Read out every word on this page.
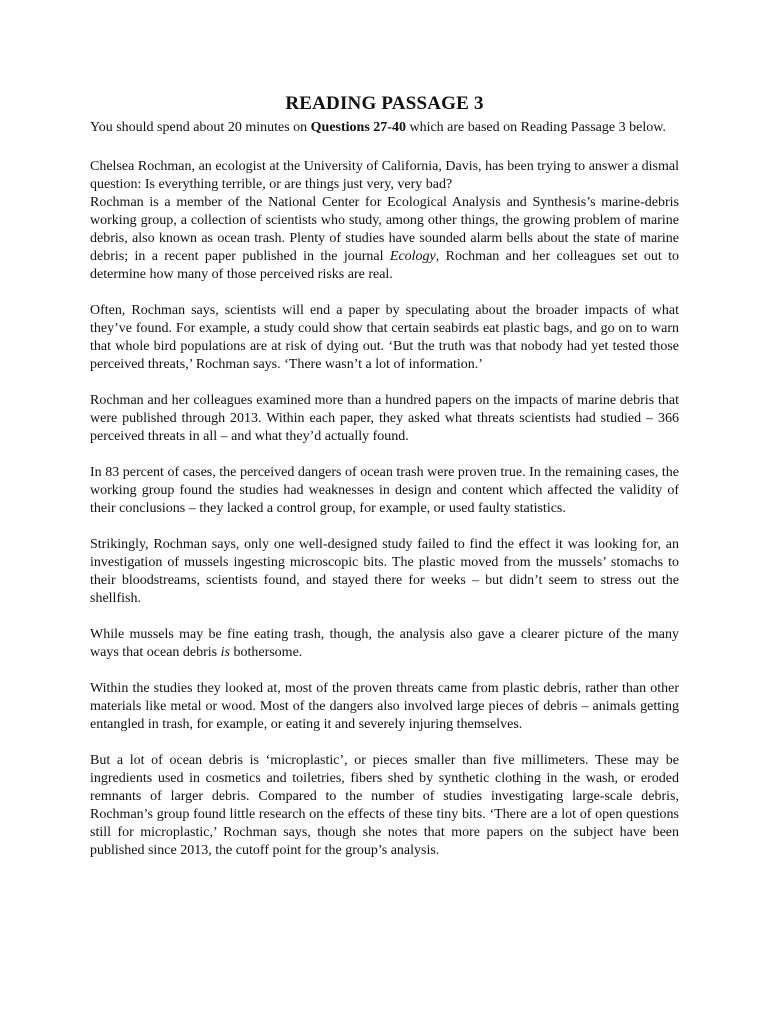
READING PASSAGE 3
You should spend about 20 minutes on Questions 27-40 which are based on Reading Passage 3 below.
Chelsea Rochman, an ecologist at the University of California, Davis, has been trying to answer a dismal question: Is everything terrible, or are things just very, very bad?
Rochman is a member of the National Center for Ecological Analysis and Synthesis’s marine-debris working group, a collection of scientists who study, among other things, the growing problem of marine debris, also known as ocean trash. Plenty of studies have sounded alarm bells about the state of marine debris; in a recent paper published in the journal Ecology, Rochman and her colleagues set out to determine how many of those perceived risks are real.
Often, Rochman says, scientists will end a paper by speculating about the broader impacts of what they’ve found. For example, a study could show that certain seabirds eat plastic bags, and go on to warn that whole bird populations are at risk of dying out. ‘But the truth was that nobody had yet tested those perceived threats,’ Rochman says. ‘There wasn’t a lot of information.’
Rochman and her colleagues examined more than a hundred papers on the impacts of marine debris that were published through 2013. Within each paper, they asked what threats scientists had studied – 366 perceived threats in all – and what they’d actually found.
In 83 percent of cases, the perceived dangers of ocean trash were proven true. In the remaining cases, the working group found the studies had weaknesses in design and content which affected the validity of their conclusions – they lacked a control group, for example, or used faulty statistics.
Strikingly, Rochman says, only one well-designed study failed to find the effect it was looking for, an investigation of mussels ingesting microscopic bits. The plastic moved from the mussels’ stomachs to their bloodstreams, scientists found, and stayed there for weeks – but didn’t seem to stress out the shellfish.
While mussels may be fine eating trash, though, the analysis also gave a clearer picture of the many ways that ocean debris is bothersome.
Within the studies they looked at, most of the proven threats came from plastic debris, rather than other materials like metal or wood. Most of the dangers also involved large pieces of debris – animals getting entangled in trash, for example, or eating it and severely injuring themselves.
But a lot of ocean debris is ‘microplastic’, or pieces smaller than five millimeters. These may be ingredients used in cosmetics and toiletries, fibers shed by synthetic clothing in the wash, or eroded remnants of larger debris. Compared to the number of studies investigating large-scale debris, Rochman’s group found little research on the effects of these tiny bits. ‘There are a lot of open questions still for microplastic,’ Rochman says, though she notes that more papers on the subject have been published since 2013, the cutoff point for the group’s analysis.
